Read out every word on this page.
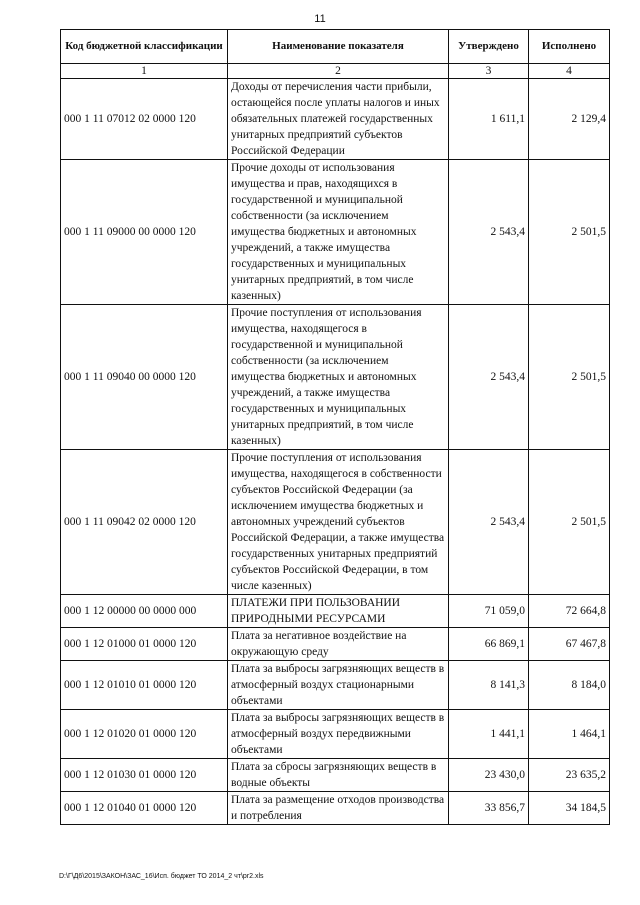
11
Код бюджетной классификации	Наименование показателя	Утверждено	Исполнено
1	2	3	4
000 1 11 07012 02 0000 120	Доходы от перечисления части прибыли, остающейся после уплаты налогов и иных обязательных платежей государственных унитарных предприятий субъектов Российской Федерации	1 611,1	2 129,4
000 1 11 09000 00 0000 120	Прочие доходы от использования имущества и прав, находящихся в государственной и муниципальной собственности (за исключением имущества бюджетных и автономных учреждений, а также имущества государственных и муниципальных унитарных предприятий, в том числе казенных)	2 543,4	2 501,5
000 1 11 09040 00 0000 120	Прочие поступления от использования имущества, находящегося в государственной и муниципальной собственности (за исключением имущества бюджетных и автономных учреждений, а также имущества государственных и муниципальных унитарных предприятий, в том числе казенных)	2 543,4	2 501,5
000 1 11 09042 02 0000 120	Прочие поступления от использования имущества, находящегося в собственности субъектов Российской Федерации (за исключением имущества бюджетных и автономных учреждений субъектов Российской Федерации, а также имущества государственных унитарных предприятий субъектов Российской Федерации, в том числе казенных)	2 543,4	2 501,5
000 1 12 00000 00 0000 000	ПЛАТЕЖИ ПРИ ПОЛЬЗОВАНИИ ПРИРОДНЫМИ РЕСУРСАМИ	71 059,0	72 664,8
000 1 12 01000 01 0000 120	Плата за негативное воздействие на окружающую среду	66 869,1	67 467,8
000 1 12 01010 01 0000 120	Плата за выбросы загрязняющих веществ в атмосферный воздух стационарными объектами	8 141,3	8 184,0
000 1 12 01020 01 0000 120	Плата за выбросы загрязняющих веществ в атмосферный воздух передвижными объектами	1 441,1	1 464,1
000 1 12 01030 01 0000 120	Плата за сбросы загрязняющих веществ в водные объекты	23 430,0	23 635,2
000 1 12 01040 01 0000 120	Плата за размещение отходов производства и потребления	33 856,7	34 184,5
D:\Г\Д6\2015\ЗАКОН\ЗАС_16\Исп. бюджет ТО 2014_2 чт\pr2.xls
